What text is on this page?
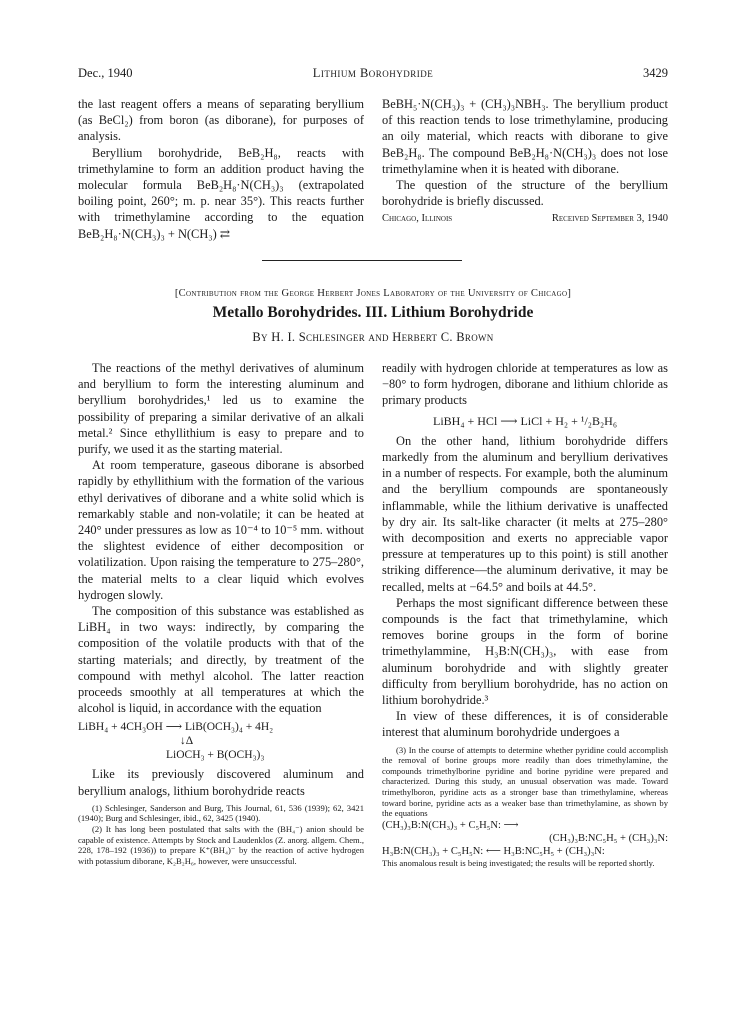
Dec., 1940	Lithium Borohydride	3429

the last reagent offers a means of separating beryllium (as BeCl₂) from boron (as diborane), for purposes of analysis.

Beryllium borohydride, BeB₂H₈, reacts with trimethylamine to form an addition product having the molecular formula BeB₂H₈·N(CH₃)₃ (extrapolated boiling point, 260°; m. p. near 35°). This reacts further with trimethylamine according to the equation BeB₂H₈·N(CH₃)₃ + N(CH₃) ⇄

BeBH₅·N(CH₃)₃ + (CH₃)₃NBH₃. The beryllium product of this reaction tends to lose trimethylamine, producing an oily material, which reacts with diborane to give BeB₂H₈. The compound BeB₂H₈·N(CH₃)₃ does not lose trimethylamine when it is heated with diborane.

The question of the structure of the beryllium borohydride is briefly discussed.

Chicago, Illinois	Received September 3, 1940
[Contribution from the George Herbert Jones Laboratory of the University of Chicago]
Metallo Borohydrides. III. Lithium Borohydride
By H. I. Schlesinger and Herbert C. Brown

The reactions of the methyl derivatives of aluminum and beryllium to form the interesting aluminum and beryllium borohydrides,¹ led us to examine the possibility of preparing a similar derivative of an alkali metal.² Since ethyllithium is easy to prepare and to purify, we used it as the starting material.

At room temperature, gaseous diborane is absorbed rapidly by ethyllithium with the formation of the various ethyl derivatives of diborane and a white solid which is remarkably stable and non-volatile; it can be heated at 240° under pressures as low as 10⁻⁴ to 10⁻⁵ mm. without the slightest evidence of either decomposition or volatilization. Upon raising the temperature to 275–280°, the material melts to a clear liquid which evolves hydrogen slowly.

The composition of this substance was established as LiBH₄ in two ways: indirectly, by comparing the composition of the volatile products with that of the starting materials; and directly, by treatment of the compound with methyl alcohol. The latter reaction proceeds smoothly at all temperatures at which the alcohol is liquid, in accordance with the equation

LiBH₄ + 4CH₃OH ⟶ LiB(OCH₃)₄ + 4H₂
↓Δ
LiOCH₃ + B(OCH₃)₃

Like its previously discovered aluminum and beryllium analogs, lithium borohydride reacts

(1) Schlesinger, Sanderson and Burg, This Journal, 61, 536 (1939); 62, 3421 (1940); Burg and Schlesinger, ibid., 62, 3425 (1940).

(2) It has long been postulated that salts with the (BH₄⁻) anion should be capable of existence. Attempts by Stock and Laudenklos (Z. anorg. allgem. Chem., 228, 178–192 (1936)) to prepare K⁺(BH₄)⁻ by the reaction of active hydrogen with potassium diborane, K₂B₂H₆, however, were unsuccessful.

readily with hydrogen chloride at temperatures as low as −80° to form hydrogen, diborane and lithium chloride as primary products

LiBH₄ + HCl ⟶ LiCl + H₂ + ¹/₂B₂H₆

On the other hand, lithium borohydride differs markedly from the aluminum and beryllium derivatives in a number of respects. For example, both the aluminum and the beryllium compounds are spontaneously inflammable, while the lithium derivative is unaffected by dry air. Its salt-like character (it melts at 275–280° with decomposition and exerts no appreciable vapor pressure at temperatures up to this point) is still another striking difference—the aluminum derivative, it may be recalled, melts at −64.5° and boils at 44.5°.

Perhaps the most significant difference between these compounds is the fact that trimethylamine, which removes borine groups in the form of borine trimethylammine, H₃B:N(CH₃)₃, with ease from aluminum borohydride and with slightly greater difficulty from beryllium borohydride, has no action on lithium borohydride.³

In view of these differences, it is of considerable interest that aluminum borohydride undergoes a

(3) In the course of attempts to determine whether pyridine could accomplish the removal of borine groups more readily than does trimethylamine, the compounds trimethylborine pyridine and borine pyridine were prepared and characterized. During this study, an unusual observation was made. Toward trimethylboron, pyridine acts as a stronger base than trimethylamine, whereas toward borine, pyridine acts as a weaker base than trimethylamine, as shown by the equations

(CH₃)₃B:N(CH₃)₃ + C₅H₅N: ⟶
(CH₃)₃B:NC₅H₅ + (CH₃)₃N:
H₃B:N(CH₃)₃ + C₅H₅N: ⟵ H₃B:NC₅H₅ + (CH₃)₃N:

This anomalous result is being investigated; the results will be reported shortly.
